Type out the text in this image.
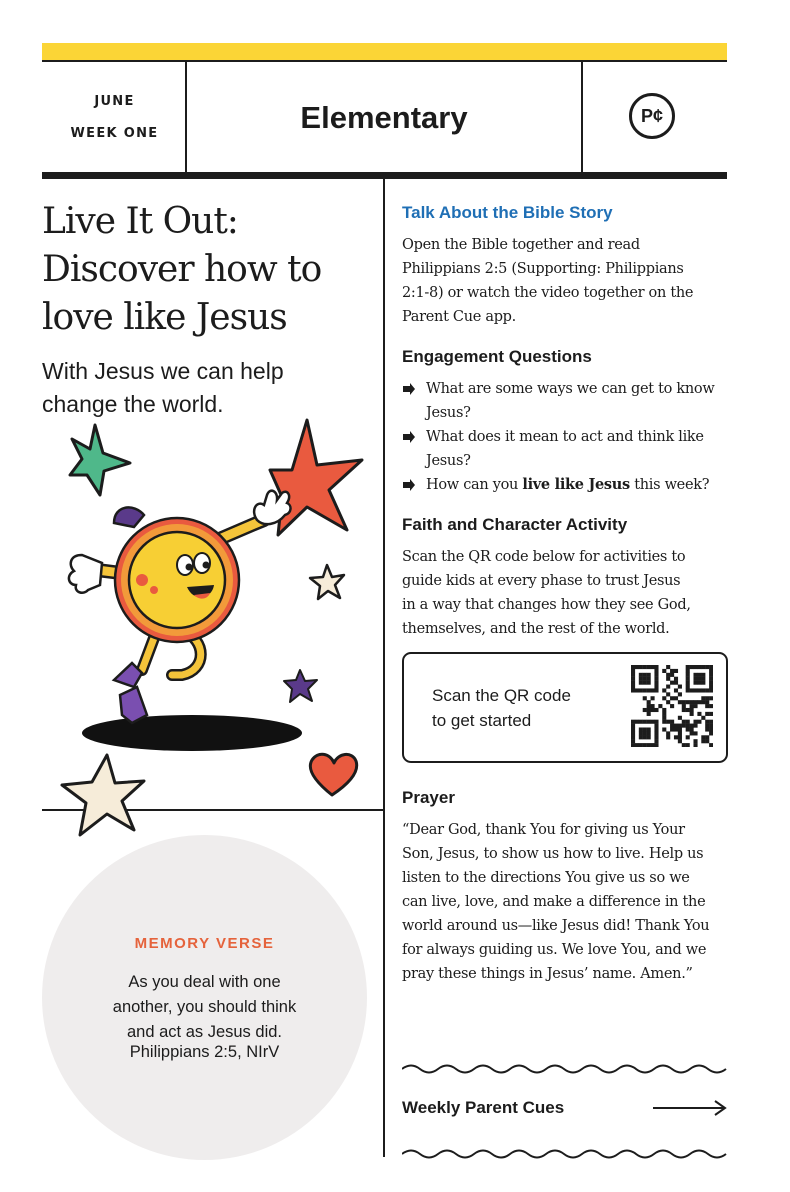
JUNE
WEEK ONE	Elementary	P¢
Live It Out:
Discover how to
love like Jesus

With Jesus we can help
change the world.

MEMORY VERSE
As you deal with one
another, you should think
and act as Jesus did.
Philippians 2:5, NIrV
Talk About the Bible Story

Open the Bible together and read
Philippians 2:5 (Supporting: Philippians
2:1-8) or watch the video together on the
Parent Cue app.

Engagement Questions
What are some ways we can get to know
Jesus?
What does it mean to act and think like
Jesus?
How can you live like Jesus this week?
Faith and Character Activity

Scan the QR code below for activities to
guide kids at every phase to trust Jesus
in a way that changes how they see God,
themselves, and the rest of the world.

Scan the QR code
to get started
Prayer

“Dear God, thank You for giving us Your
Son, Jesus, to show us how to live. Help us
listen to the directions You give us so we
can live, love, and make a difference in the
world around us—like Jesus did! Thank You
for always guiding us. We love You, and we
pray these things in Jesus’ name. Amen.”

Weekly Parent Cues
